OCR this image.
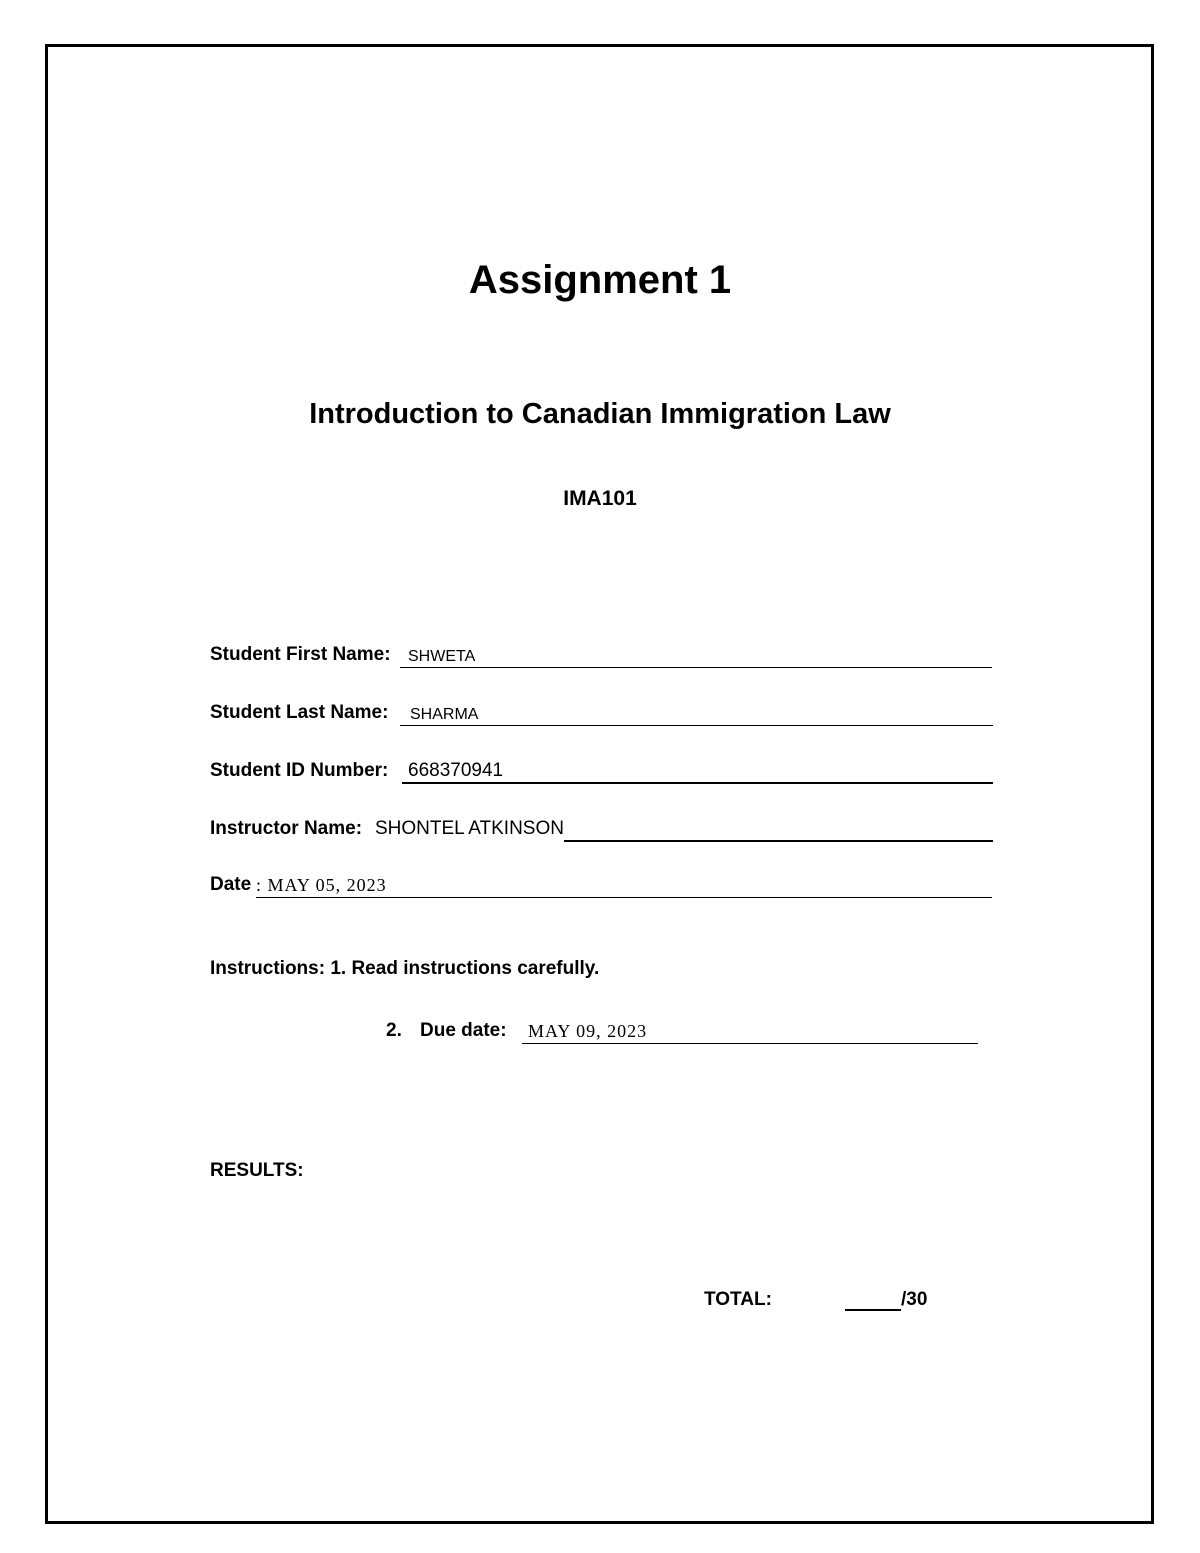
Assignment 1
Introduction to Canadian Immigration Law
IMA101
Student First Name: SHWETA
Student Last Name: SHARMA
Student ID Number: 668370941
Instructor Name: SHONTEL ATKINSON
Date : MAY 05, 2023
Instructions: 1. Read instructions carefully.
2. Due date: MAY 09, 2023
RESULTS:
TOTAL:	/30
